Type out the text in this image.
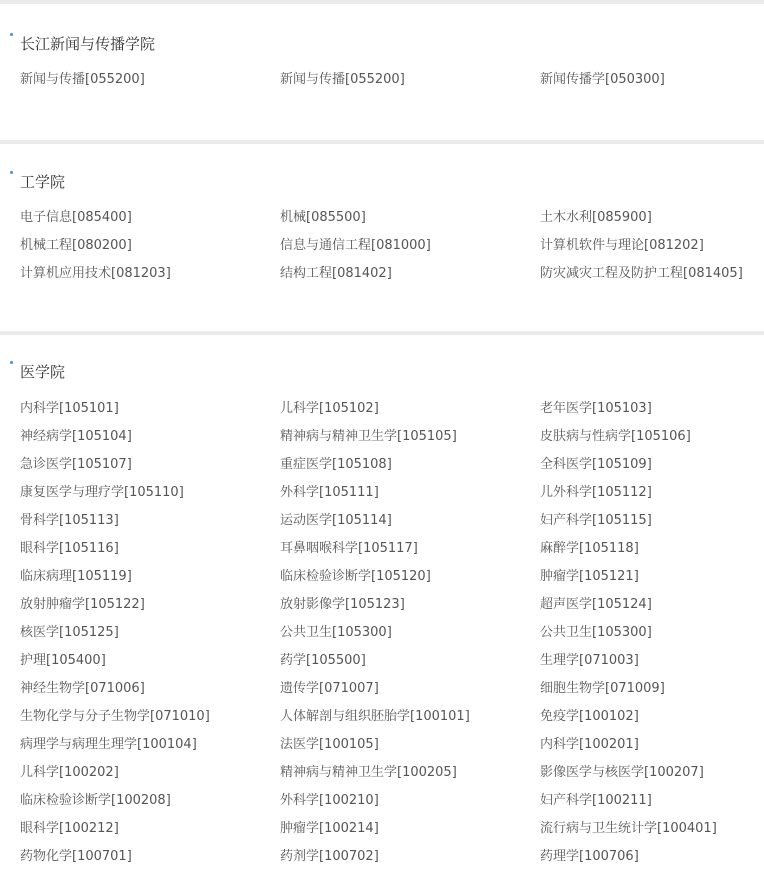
长江新闻与传播学院
新闻与传播[055200]	新闻与传播[055200]	新闻传播学[050300]
工学院
电子信息[085400]	机械[085500]	土木水利[085900]
机械工程[080200]	信息与通信工程[081000]	计算机软件与理论[081202]
计算机应用技术[081203]	结构工程[081402]	防灾减灾工程及防护工程[081405]
医学院
内科学[105101]	儿科学[105102]	老年医学[105103]
神经病学[105104]	精神病与精神卫生学[105105]	皮肤病与性病学[105106]
急诊医学[105107]	重症医学[105108]	全科医学[105109]
康复医学与理疗学[105110]	外科学[105111]	儿外科学[105112]
骨科学[105113]	运动医学[105114]	妇产科学[105115]
眼科学[105116]	耳鼻咽喉科学[105117]	麻醉学[105118]
临床病理[105119]	临床检验诊断学[105120]	肿瘤学[105121]
放射肿瘤学[105122]	放射影像学[105123]	超声医学[105124]
核医学[105125]	公共卫生[105300]	公共卫生[105300]
护理[105400]	药学[105500]	生理学[071003]
神经生物学[071006]	遗传学[071007]	细胞生物学[071009]
生物化学与分子生物学[071010]	人体解剖与组织胚胎学[100101]	免疫学[100102]
病理学与病理生理学[100104]	法医学[100105]	内科学[100201]
儿科学[100202]	精神病与精神卫生学[100205]	影像医学与核医学[100207]
临床检验诊断学[100208]	外科学[100210]	妇产科学[100211]
眼科学[100212]	肿瘤学[100214]	流行病与卫生统计学[100401]
药物化学[100701]	药剂学[100702]	药理学[100706]
